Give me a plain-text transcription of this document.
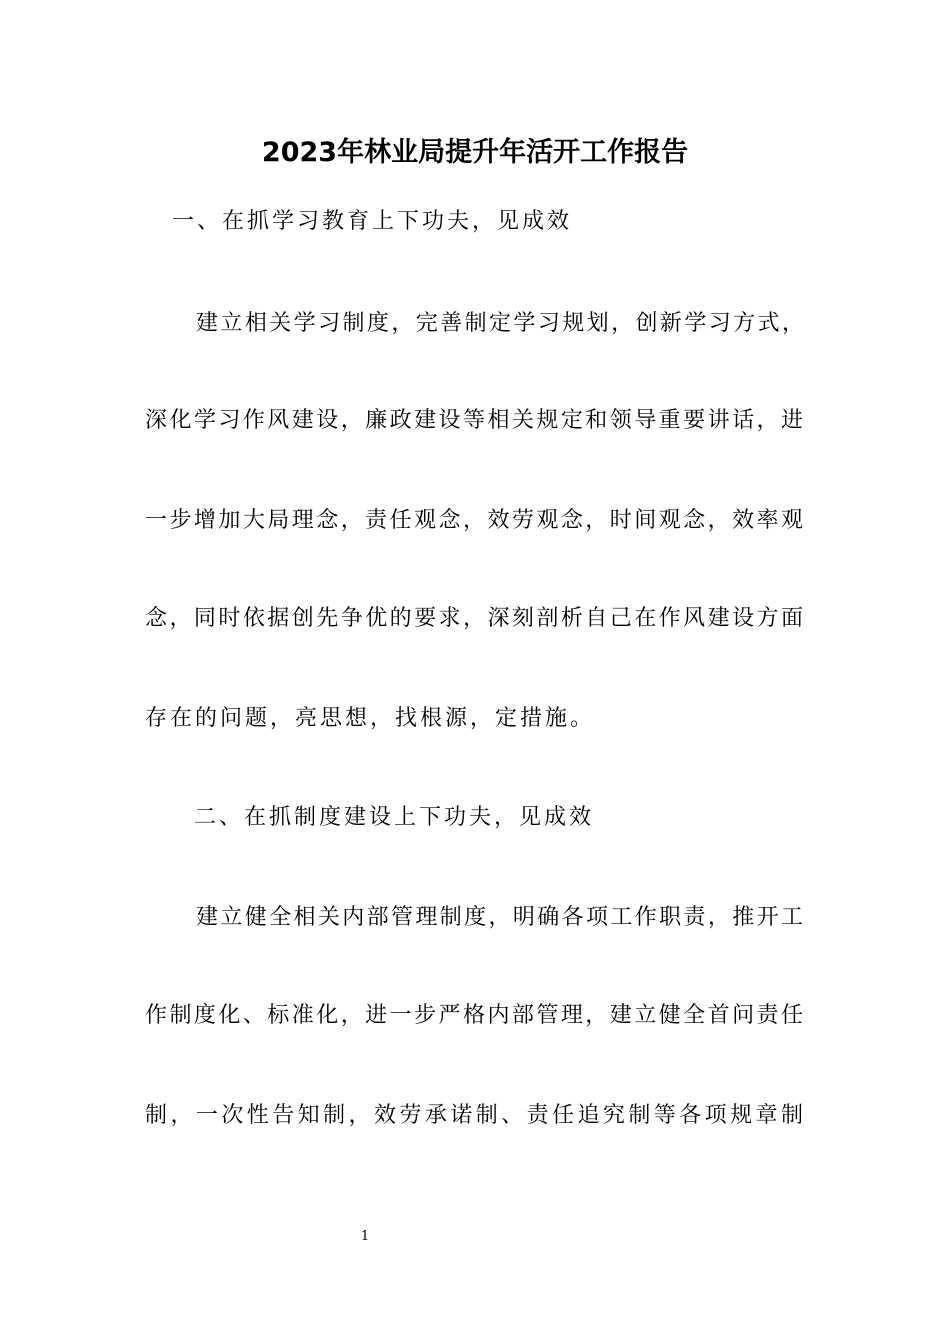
2023年林业局提升年活开工作报告

一、在抓学习教育上下功夫，见成效

建立相关学习制度，完善制定学习规划，创新学习方式，

深化学习作风建设，廉政建设等相关规定和领导重要讲话，进

一步增加大局理念，责任观念，效劳观念，时间观念，效率观

念，同时依据创先争优的要求，深刻剖析自己在作风建设方面

存在的问题，亮思想，找根源，定措施。

二、在抓制度建设上下功夫，见成效

建立健全相关内部管理制度，明确各项工作职责，推开工

作制度化、标准化，进一步严格内部管理，建立健全首问责任

制，一次性告知制，效劳承诺制、责任追究制等各项规章制

1
